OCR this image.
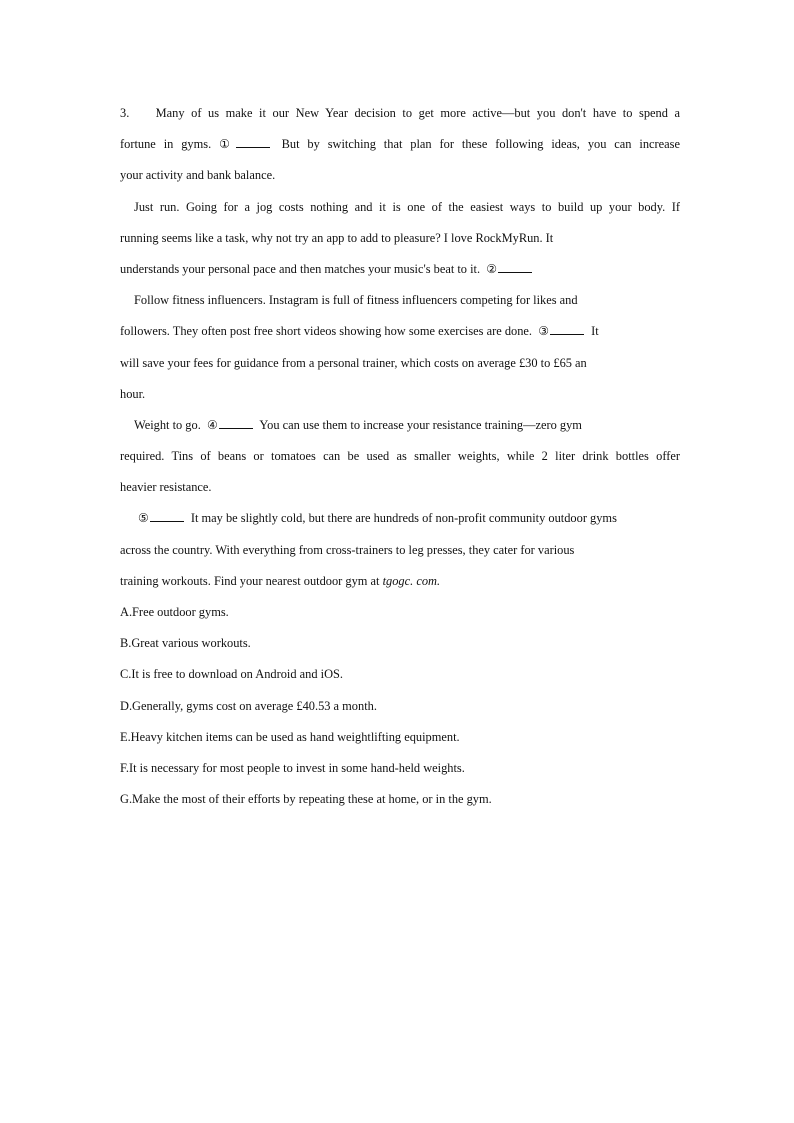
3. Many of us make it our New Year decision to get more active—but you don't have to spend a
fortune in gyms. ①	But by switching that plan for these following ideas, you can increase
your activity and bank balance.
Just run. Going for a jog costs nothing and it is one of the easiest ways to build up your body. If
running seems like a task, why not try an app to add to pleasure? I love RockMyRun. It
understands your personal pace and then matches your music's beat to it. ②
Follow fitness influencers. Instagram is full of fitness influencers competing for likes and
followers. They often post free short videos showing how some exercises are done. ③	It
will save your fees for guidance from a personal trainer, which costs on average £30 to £65 an
hour.
Weight to go. ④	You can use them to increase your resistance training—zero gym
required. Tins of beans or tomatoes can be used as smaller weights, while 2 liter drink bottles offer
heavier resistance.
⑤	It may be slightly cold, but there are hundreds of non-profit community outdoor gyms
across the country. With everything from cross-trainers to leg presses, they cater for various
training workouts. Find your nearest outdoor gym at tgogc. com.
A.Free outdoor gyms.
B.Great various workouts.
C.It is free to download on Android and iOS.
D.Generally, gyms cost on average £40.53 a month.
E.Heavy kitchen items can be used as hand weightlifting equipment.
F.It is necessary for most people to invest in some hand-held weights.
G.Make the most of their efforts by repeating these at home, or in the gym.
